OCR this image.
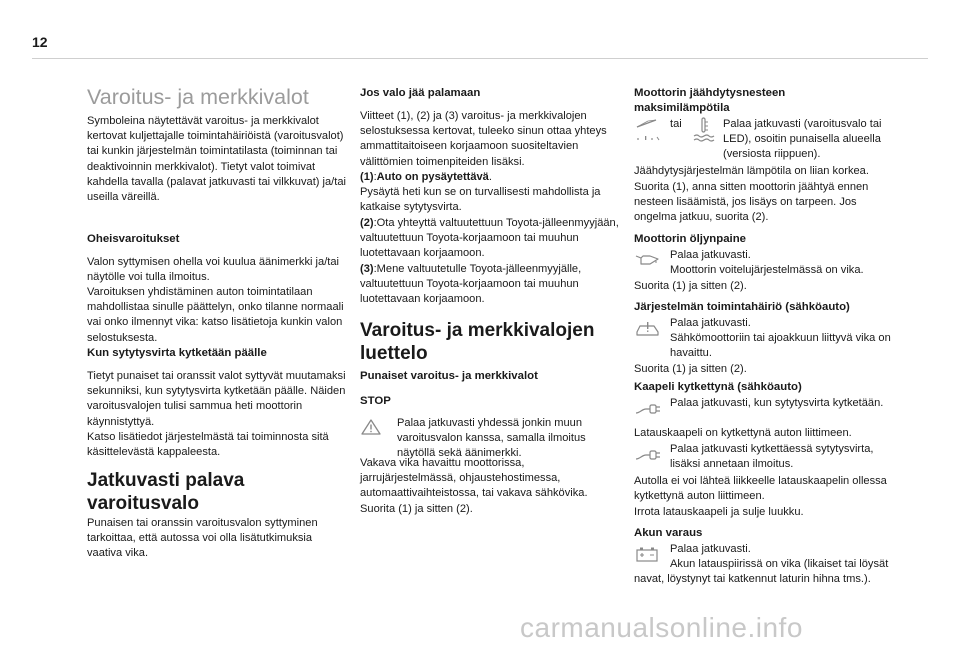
12

Varoitus- ja merkkivalot

Symboleina näytettävät varoitus- ja merkkivalot kertovat kuljettajalle toimintahäiriöistä (varoitusvalot) tai kunkin järjestelmän toimintatilasta (toiminnan tai deaktivoinnin merkkivalot). Tietyt valot toimivat kahdella tavalla (palavat jatkuvasti tai vilkkuvat) ja/tai useilla väreillä.

Oheisvaroitukset

Valon syttymisen ohella voi kuulua äänimerkki ja/tai näytölle voi tulla ilmoitus.

Varoituksen yhdistäminen auton toimintatilaan mahdollistaa sinulle päättelyn, onko tilanne normaali vai onko ilmennyt vika: katso lisätietoja kunkin valon selostuksesta.

Kun sytytysvirta kytketään päälle

Tietyt punaiset tai oranssit valot syttyvät muutamaksi sekunniksi, kun sytytysvirta kytketään päälle. Näiden varoitusvalojen tulisi sammua heti moottorin käynnistyttyä.

Katso lisätiedot järjestelmästä tai toiminnosta sitä käsittelevästä kappaleesta.

Jatkuvasti palava varoitusvalo

Punaisen tai oranssin varoitusvalon syttyminen tarkoittaa, että autossa voi olla lisätutkimuksia vaativa vika.

Jos valo jää palamaan

Viitteet (1), (2) ja (3) varoitus- ja merkkivalojen selostuksessa kertovat, tuleeko sinun ottaa yhteys ammattitaitoiseen korjaamoon suositeltavien välittömien toimenpiteiden lisäksi.

(1):Auto on pysäytettävä.

Pysäytä heti kun se on turvallisesti mahdollista ja katkaise sytytysvirta.

(2):Ota yhteyttä valtuutettuun Toyota-jälleenmyyjään, valtuutettuun Toyota-korjaamoon tai muuhun luotettavaan korjaamoon.

(3):Mene valtuutetulle Toyota-jälleenmyyjälle, valtuutettuun Toyota-korjaamoon tai muuhun luotettavaan korjaamoon.

Varoitus- ja merkkivalojen luettelo

Punaiset varoitus- ja merkkivalot

STOP

Palaa jatkuvasti yhdessä jonkin muun varoitusvalon kanssa, samalla ilmoitus näytöllä sekä äänimerkki.

Vakava vika havaittu moottorissa, jarrujärjestelmässä, ohjaustehostimessa, automaattivaihteistossa, tai vakava sähkövika.

Suorita (1) ja sitten (2).

Moottorin jäähdytysnesteen maksimilämpötila

tai	Palaa jatkuvasti (varoitusvalo tai LED), osoitin punaisella alueella (versiosta riippuen).

Jäähdytysjärjestelmän lämpötila on liian korkea.

Suorita (1), anna sitten moottorin jäähtyä ennen nesteen lisäämistä, jos lisäys on tarpeen. Jos ongelma jatkuu, suorita (2).

Moottorin öljynpaine

Palaa jatkuvasti.

Moottorin voitelujärjestelmässä on vika.

Suorita (1) ja sitten (2).

Järjestelmän toimintahäiriö (sähköauto)

Palaa jatkuvasti.

Sähkömoottoriin tai ajoakkuun liittyvä vika on havaittu.

Suorita (1) ja sitten (2).

Kaapeli kytkettynä (sähköauto)

Palaa jatkuvasti, kun sytytysvirta kytketään.

Latauskaapeli on kytkettynä auton liittimeen.

Palaa jatkuvasti kytkettäessä sytytysvirta, lisäksi annetaan ilmoitus.

Autolla ei voi lähteä liikkeelle latauskaapelin ollessa kytkettynä auton liittimeen.

Irrota latauskaapeli ja sulje luukku.

Akun varaus

Palaa jatkuvasti.

Akun latauspiirissä on vika (likaiset tai löysät navat, löystynyt tai katkennut laturin hihna tms.).

carmanualsonline.info
